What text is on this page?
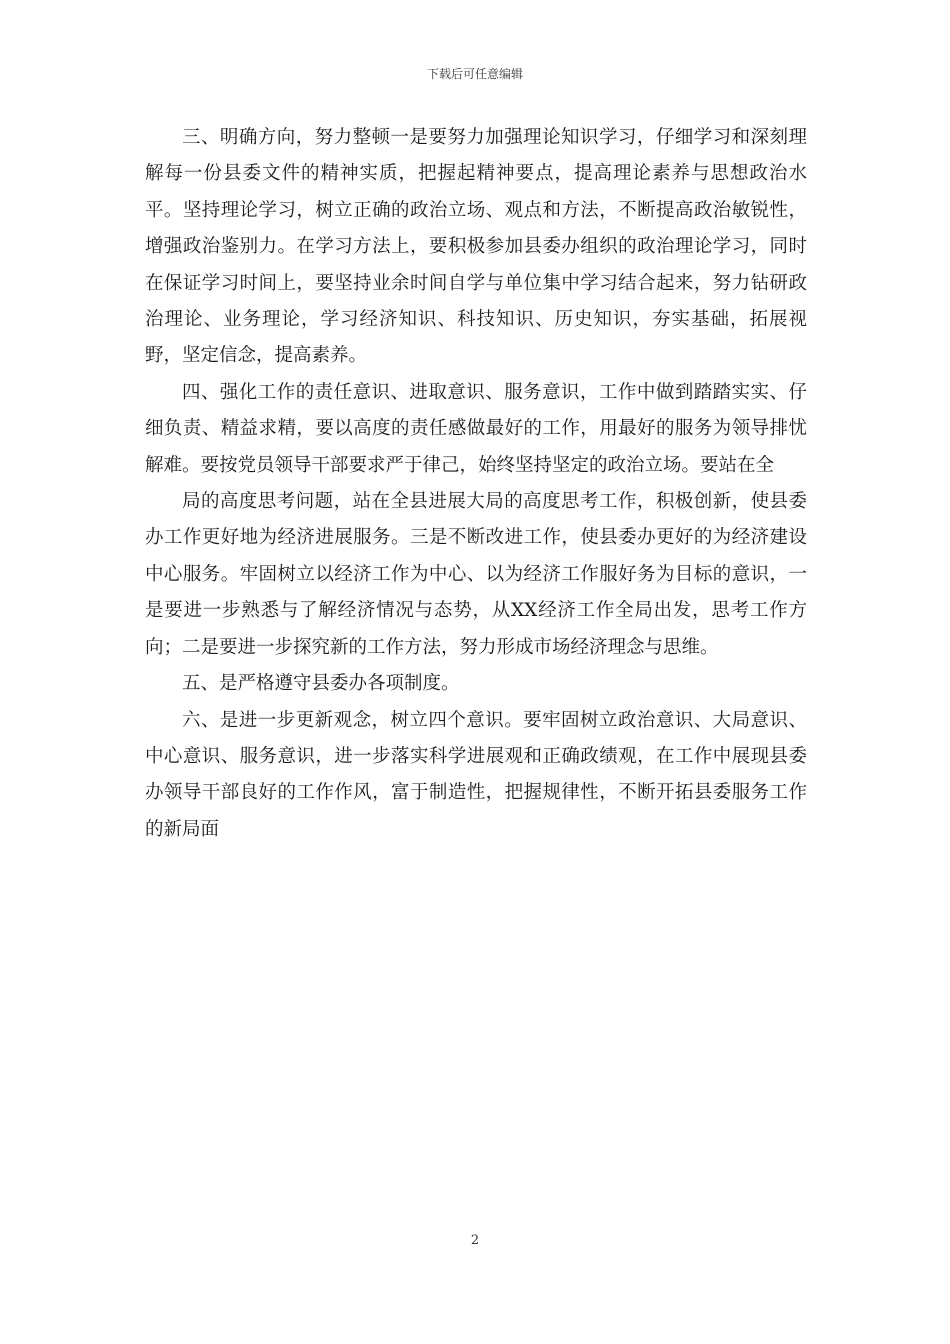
下载后可任意编辑

三、明确方向，努力整顿一是要努力加强理论知识学习，仔细学习和深刻理解每一份县委文件的精神实质，把握起精神要点，提高理论素养与思想政治水平。坚持理论学习，树立正确的政治立场、观点和方法，不断提高政治敏锐性，增强政治鉴别力。在学习方法上，要积极参加县委办组织的政治理论学习，同时在保证学习时间上，要坚持业余时间自学与单位集中学习结合起来，努力钻研政治理论、业务理论，学习经济知识、科技知识、历史知识，夯实基础，拓展视野，坚定信念，提高素养。

四、强化工作的责任意识、进取意识、服务意识，工作中做到踏踏实实、仔细负责、精益求精，要以高度的责任感做最好的工作，用最好的服务为领导排忧解难。要按党员领导干部要求严于律己，始终坚持坚定的政治立场。要站在全

局的高度思考问题，站在全县进展大局的高度思考工作，积极创新，使县委办工作更好地为经济进展服务。三是不断改进工作，使县委办更好的为经济建设中心服务。牢固树立以经济工作为中心、以为经济工作服好务为目标的意识，一是要进一步熟悉与了解经济情况与态势，从XX经济工作全局出发，思考工作方向；二是要进一步探究新的工作方法，努力形成市场经济理念与思维。

五、是严格遵守县委办各项制度。

六、是进一步更新观念，树立四个意识。要牢固树立政治意识、大局意识、中心意识、服务意识，进一步落实科学进展观和正确政绩观，在工作中展现县委办领导干部良好的工作作风，富于制造性，把握规律性，不断开拓县委服务工作的新局面

2
